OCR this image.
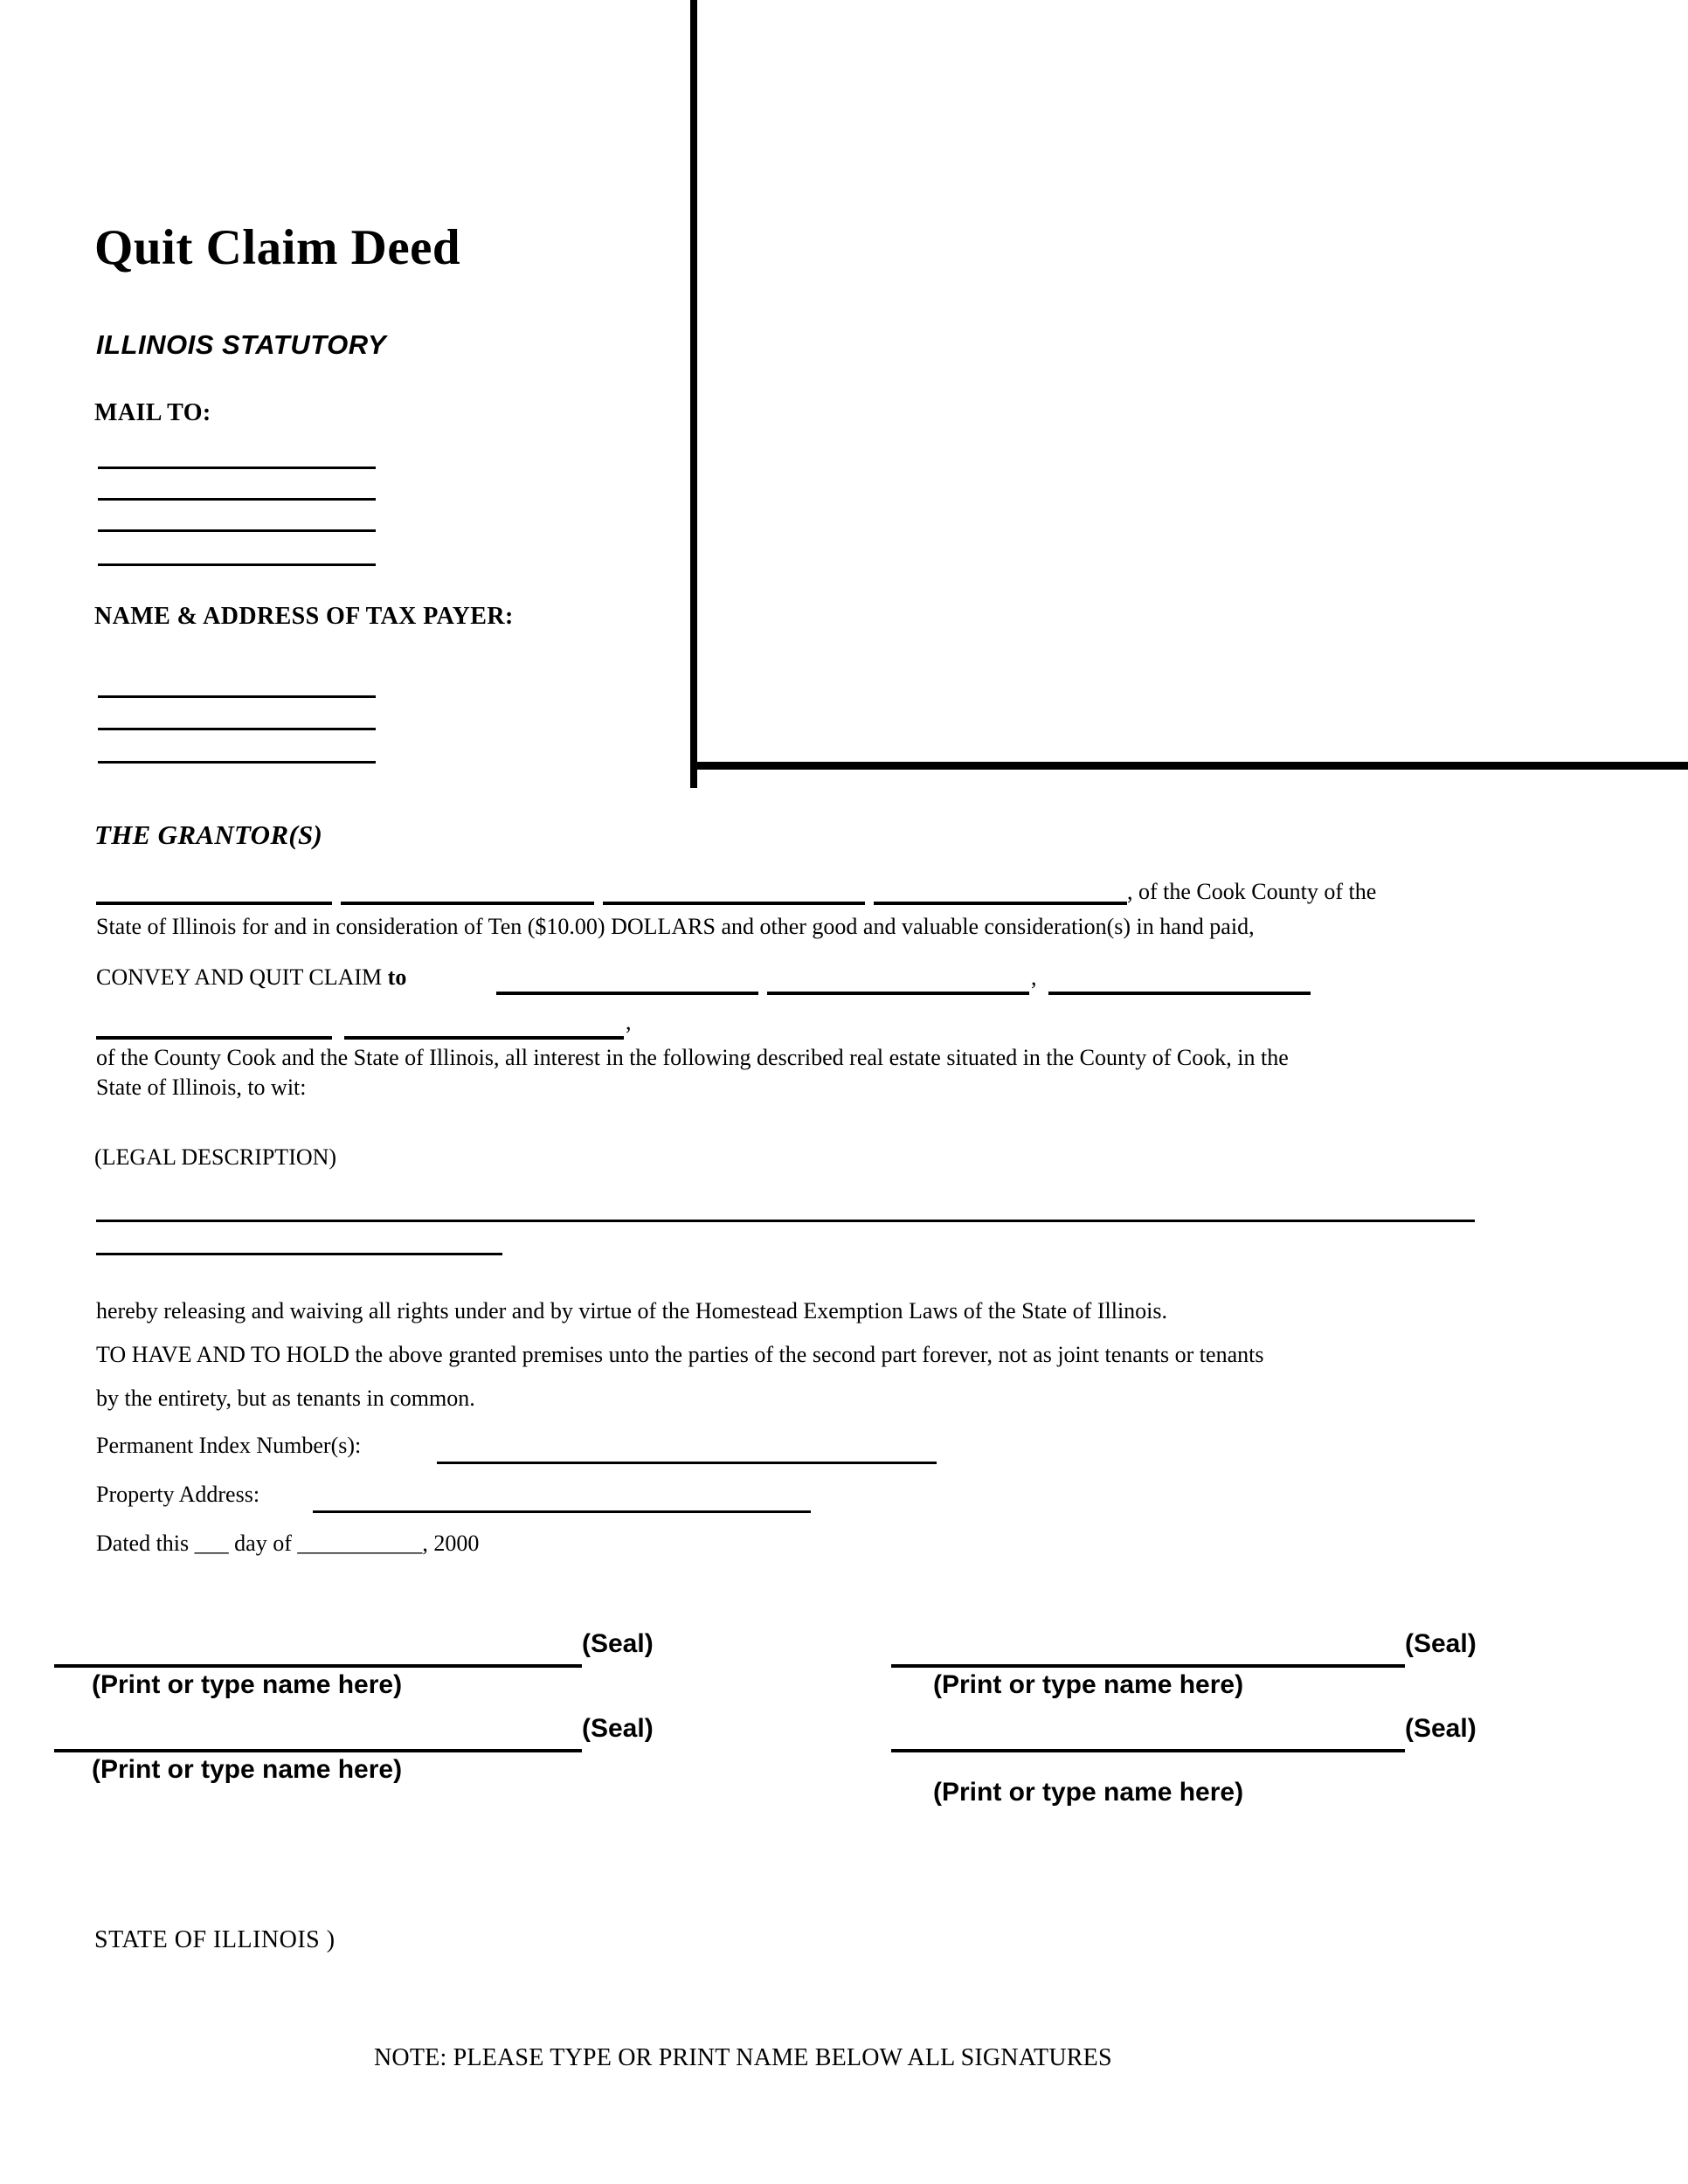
Quit Claim Deed
ILLINOIS STATUTORY
MAIL TO:
NAME & ADDRESS OF TAX PAYER:
THE GRANTOR(S)
, of the Cook County of the
State of Illinois for and in consideration of Ten ($10.00) DOLLARS and other good and valuable consideration(s) in hand paid,
CONVEY AND QUIT CLAIM to	,
,
of the County Cook and the State of Illinois, all interest in the following described real estate situated in the County of Cook, in the
State of Illinois, to wit:
(LEGAL DESCRIPTION)
hereby releasing and waiving all rights under and by virtue of the Homestead Exemption Laws of the State of Illinois.
TO HAVE AND TO HOLD the above granted premises unto the parties of the second part forever, not as joint tenants or tenants
by the entirety, but as tenants in common.
Permanent Index Number(s):
Property Address:
Dated this ___ day of ___________, 2000
(Seal)
(Print or type name here)
(Seal)
(Print or type name here)
(Seal)
(Print or type name here)
(Seal)
(Print or type name here)
STATE OF ILLINOIS )
NOTE: PLEASE TYPE OR PRINT NAME BELOW ALL SIGNATURES
